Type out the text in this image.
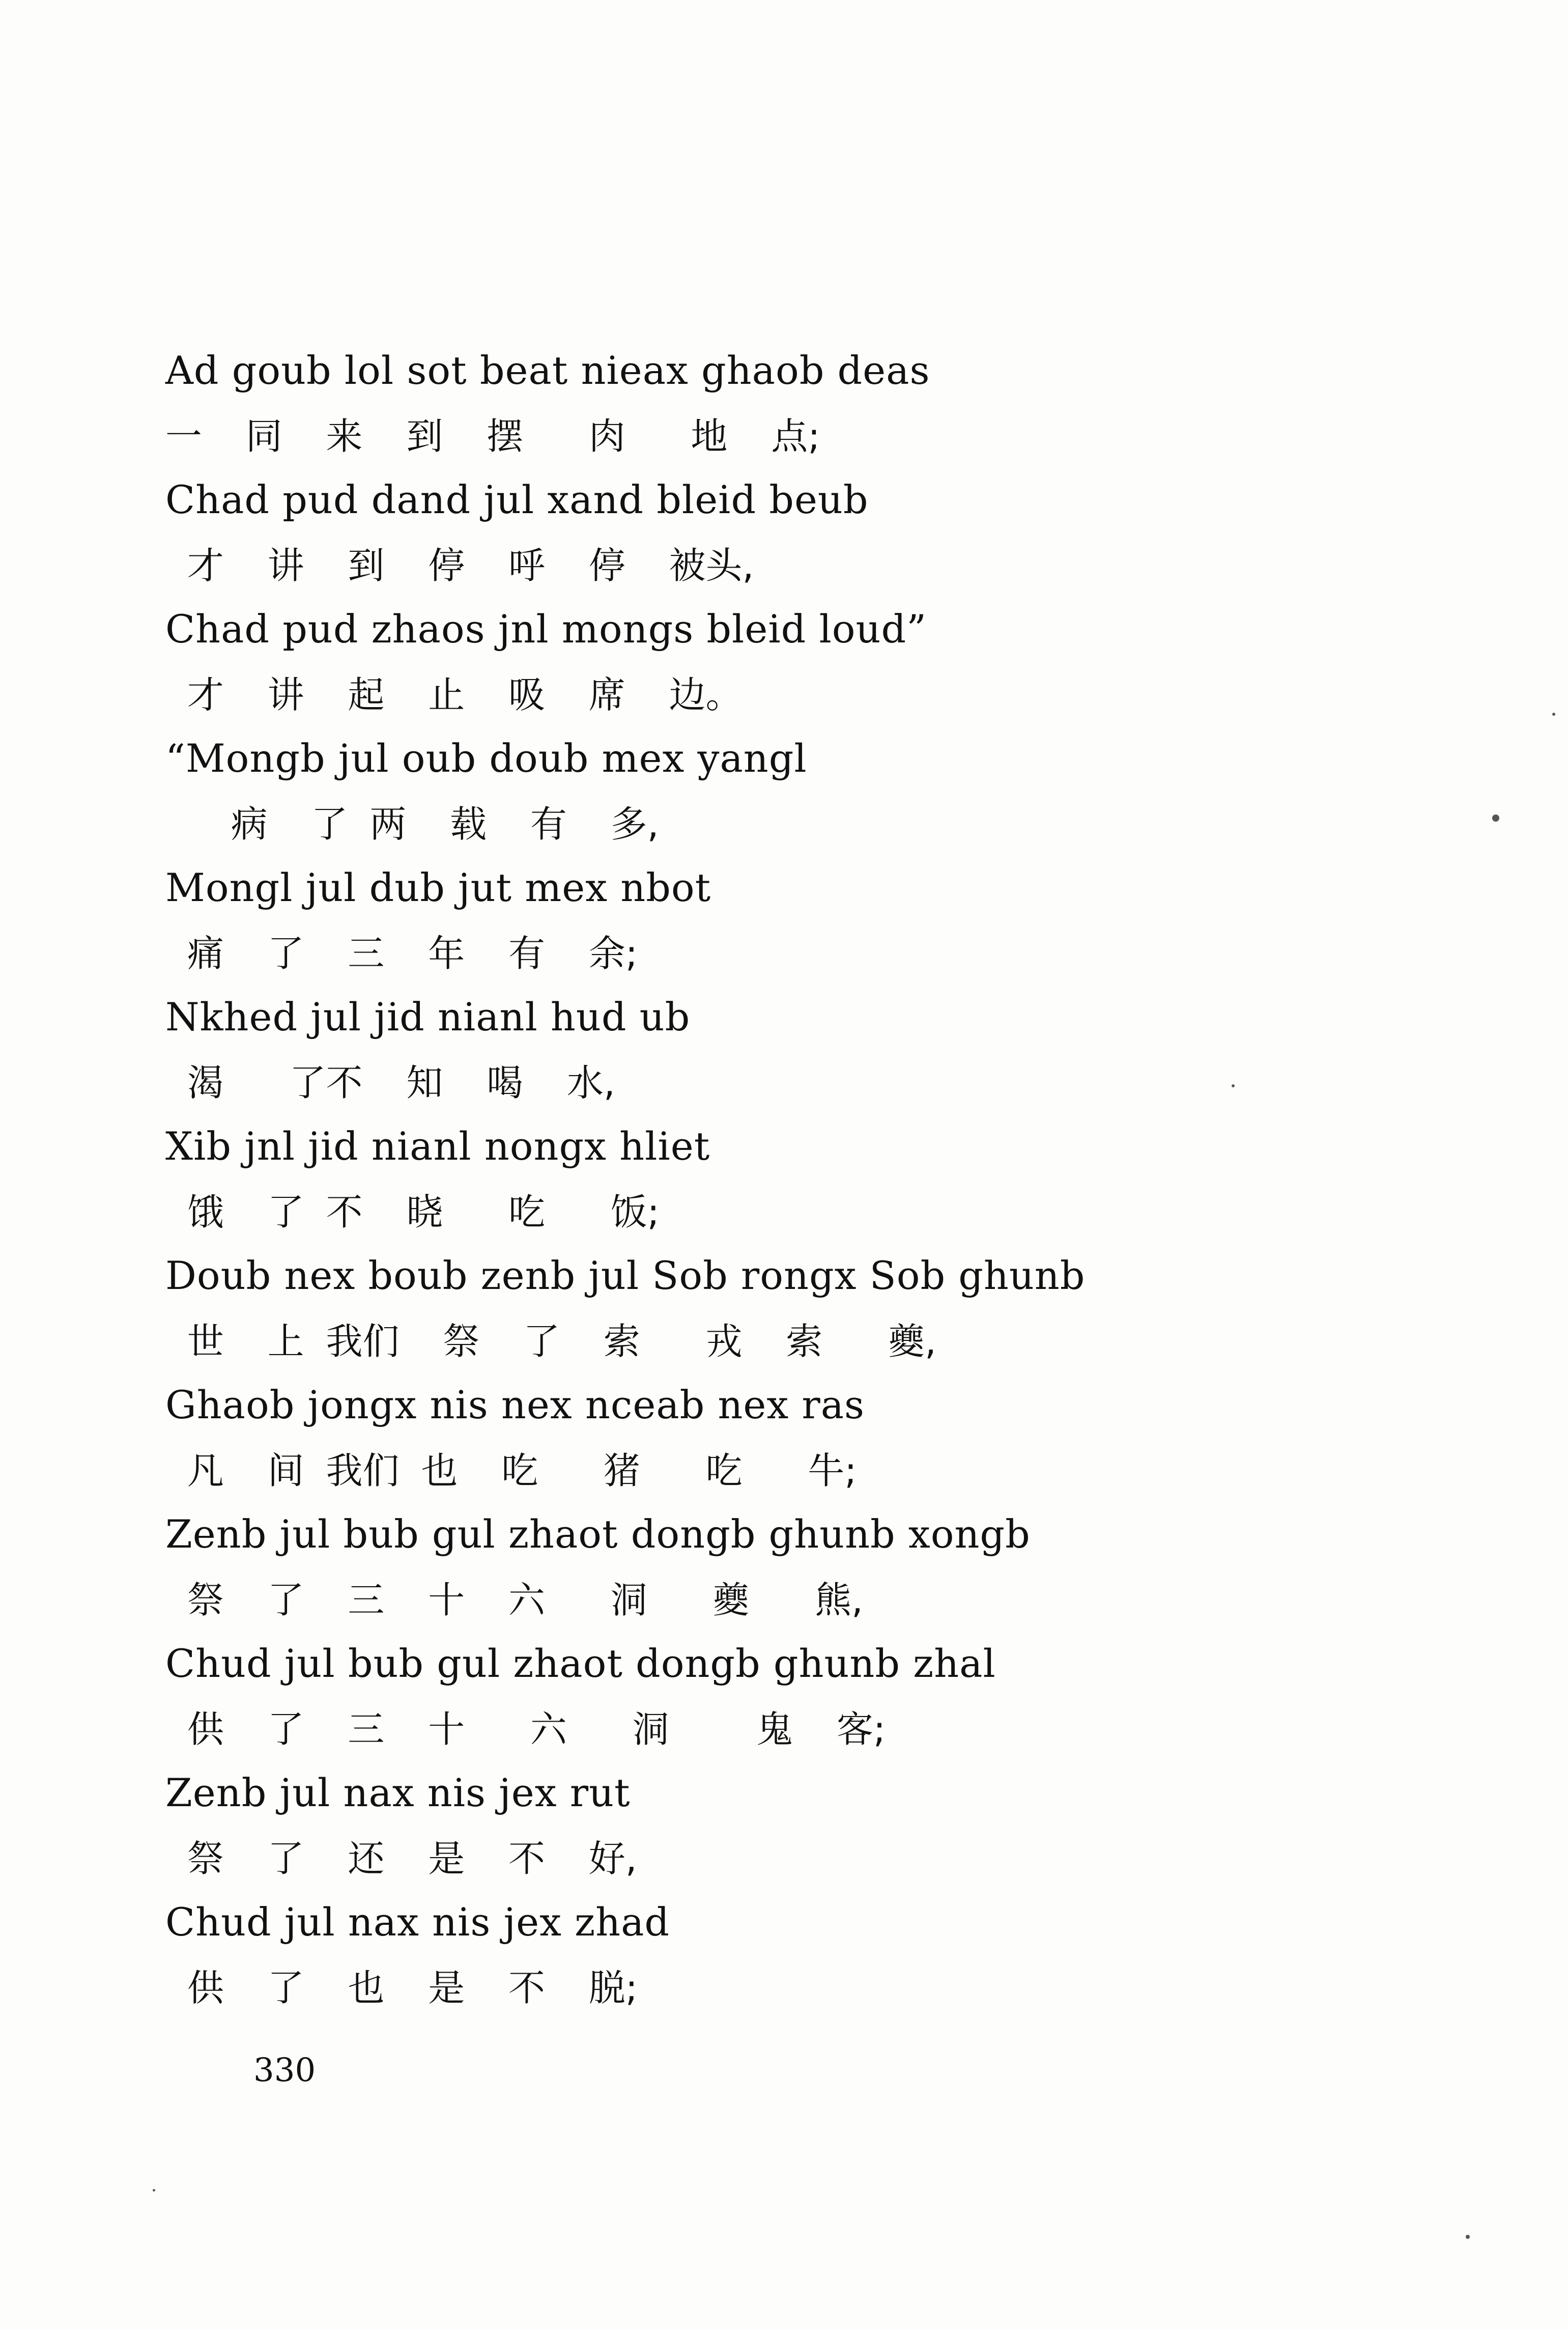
Ad goub lol sot beat nieax ghaob deas
一  同  来  到  摆   肉   地  点;
Chad pud dand jul xand bleid beub
才  讲  到  停  呼  停  被头,
Chad pud zhaos jnl mongs bleid loud”
才  讲  起  止  吸  席  边。
“Mongb jul oub doub mex yangl
病  了 两  载  有  多,
Mongl jul dub jut mex nbot
痛  了  三  年  有  余;
Nkhed jul jid nianl hud ub
渴   了不  知  喝  水,
Xib jnl jid nianl nongx hliet
饿  了 不  晓   吃   饭;
Doub nex boub zenb jul Sob rongx Sob ghunb
世  上 我们  祭  了  索   戎  索   夔,
Ghaob jongx nis nex nceab nex ras
凡  间 我们 也  吃   猪   吃   牛;
Zenb jul bub gul zhaot dongb ghunb xongb
祭  了  三  十  六   洞   夔   熊,
Chud jul bub gul zhaot dongb ghunb zhal
供  了  三  十   六   洞    鬼  客;
Zenb jul nax nis jex rut
祭  了  还  是  不  好,
Chud jul nax nis jex zhad
供  了  也  是  不  脱;
330
